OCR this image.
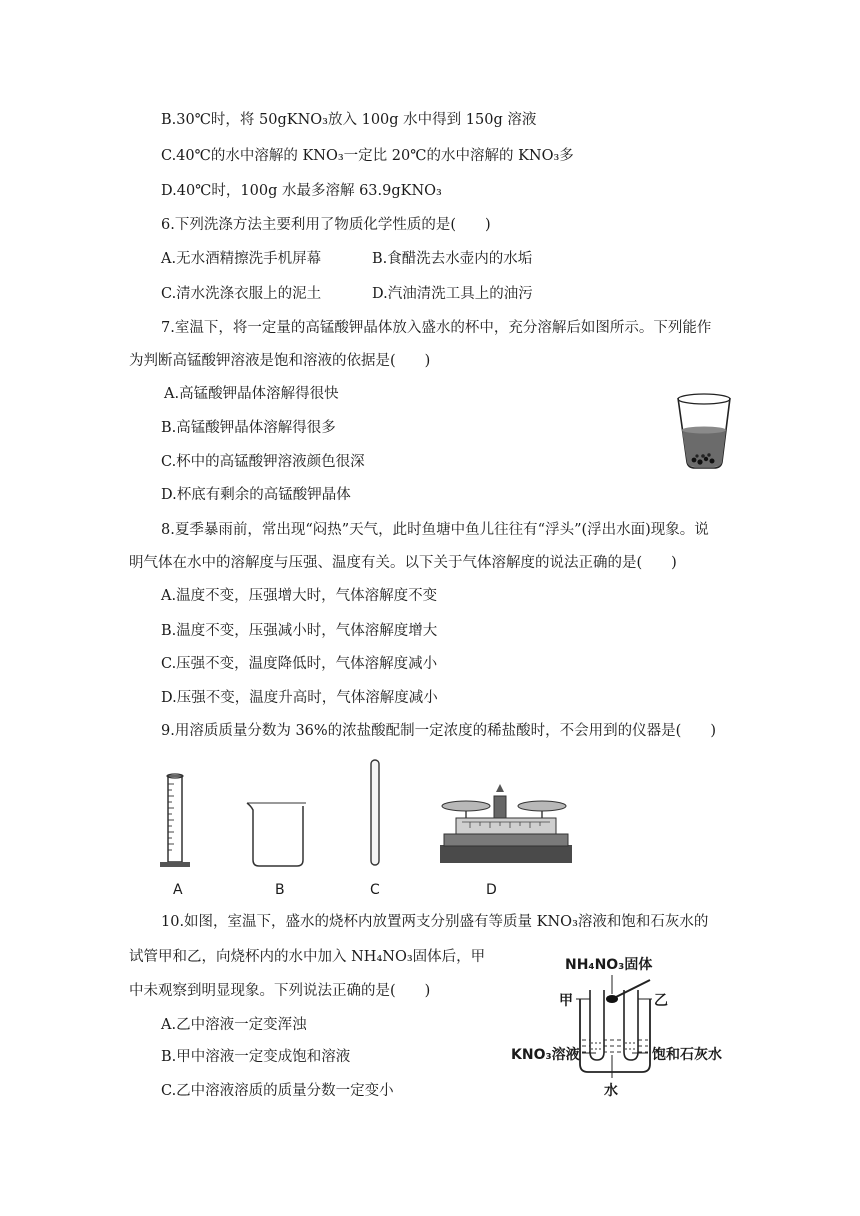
B.30℃时，将 50gKNO₃放入 100g 水中得到 150g 溶液
C.40℃的水中溶解的 KNO₃一定比 20℃的水中溶解的 KNO₃多
D.40℃时，100g 水最多溶解 63.9gKNO₃
6.下列洗涤方法主要利用了物质化学性质的是(　　)
A.无水酒精擦洗手机屏幕	B.食醋洗去水壶内的水垢
C.清水洗涤衣服上的泥土	D.汽油清洗工具上的油污
7.室温下，将一定量的高锰酸钾晶体放入盛水的杯中，充分溶解后如图所示。下列能作
为判断高锰酸钾溶液是饱和溶液的依据是(　　)
A.高锰酸钾晶体溶解得很快
B.高锰酸钾晶体溶解得很多
C.杯中的高锰酸钾溶液颜色很深
D.杯底有剩余的高锰酸钾晶体
8.夏季暴雨前，常出现“闷热”天气，此时鱼塘中鱼儿往往有“浮头”(浮出水面)现象。说
明气体在水中的溶解度与压强、温度有关。以下关于气体溶解度的说法正确的是(　　)
A.温度不变，压强增大时，气体溶解度不变
B.温度不变，压强减小时，气体溶解度增大
C.压强不变，温度降低时，气体溶解度减小
D.压强不变，温度升高时，气体溶解度减小
9.用溶质质量分数为 36%的浓盐酸配制一定浓度的稀盐酸时，不会用到的仪器是(　　)
A	B	C	D
10.如图，室温下，盛水的烧杯内放置两支分别盛有等质量 KNO₃溶液和饱和石灰水的
试管甲和乙，向烧杯内的水中加入 NH₄NO₃固体后，甲
中未观察到明显现象。下列说法正确的是(　　)
A.乙中溶液一定变浑浊
B.甲中溶液一定变成饱和溶液
C.乙中溶液溶质的质量分数一定变小
NH₄NO₃固体
甲	乙
KNO₃溶液	饱和石灰水
水
